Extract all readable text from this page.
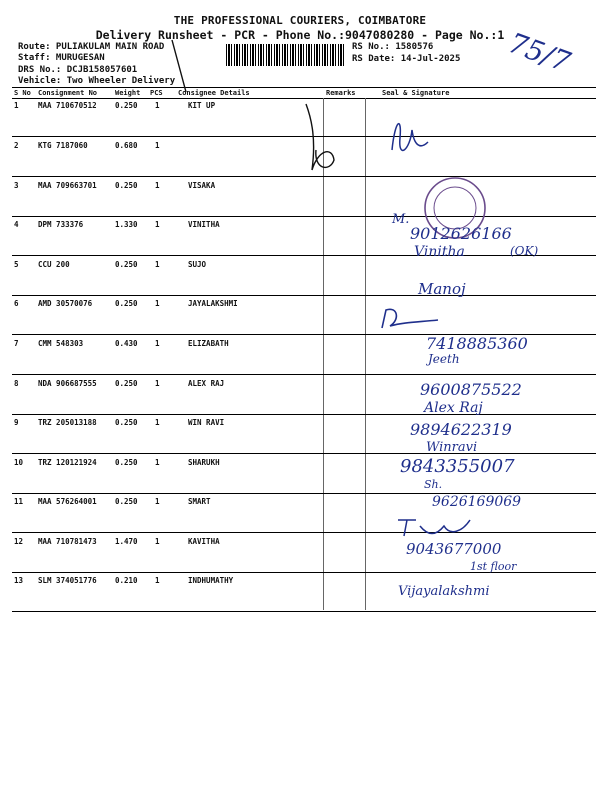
THE PROFESSIONAL COURIERS, COIMBATORE
Delivery Runsheet - PCR - Phone No.:9047080280 - Page No.:1
Route: PULIAKULAM MAIN ROAD
Staff: MURUGESAN
DRS No.: DCJB158057601
Vehicle: Two Wheeler Delivery
RS No.: 1580576
RS Date: 14-Jul-2025 75/7
S No Consignment No	Weight PCS Consignee Details	Remarks	Seal & Signature
1	MAA 710670512 0.250 1	KIT UP
2	KTG 7187060	0.680 1
3	MAA 709663701 0.250 1	VISAKA
4	DPM 733376	1.330 1	VINITHA
5	CCU 200	0.250 1	SUJO
6	AMD 30570076	0.250 1	JAYALAKSHMI
7	CMM 548303	0.430 1	ELIZABATH
8	NDA 906687555 0.250 1	ALEX RAJ
9	TRZ 205013188 0.250 1	WIN RAVI
10 TRZ 120121924 0.250 1	SHARUKH
11 MAA 576264001 0.250 1	SMART
12 MAA 710781473 1.470 1	KAVITHA
13 SLM 374051776 0.210 1	INDHUMATHY
M.
9012626166
Vinitha	(OK)
Manoj
7418885360
Jeeth
9600875522
Alex Raj
9894622319
Winravi
9843355007
Sh.
9626169069
9043677000
1st floor
Vijayalakshmi
